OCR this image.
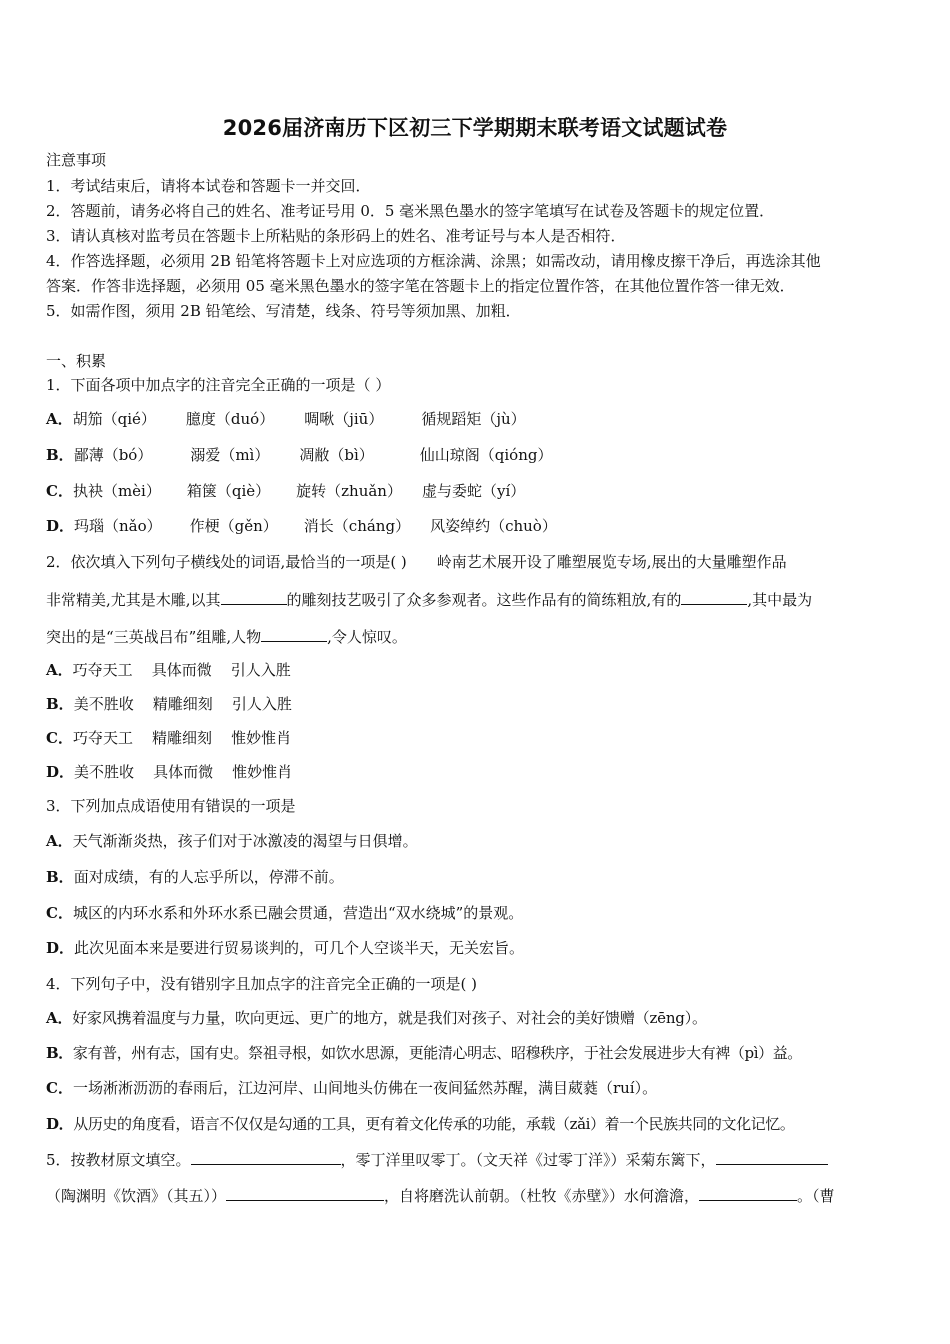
2026届济南历下区初三下学期期末联考语文试题试卷
注意事项
1．考试结束后，请将本试卷和答题卡一并交回．
2．答题前，请务必将自己的姓名、准考证号用 0．5 毫米黑色墨水的签字笔填写在试卷及答题卡的规定位置．
3．请认真核对监考员在答题卡上所粘贴的条形码上的姓名、准考证号与本人是否相符．
4．作答选择题，必须用 2B 铅笔将答题卡上对应选项的方框涂满、涂黑；如需改动，请用橡皮擦干净后，再选涂其他
答案．作答非选择题，必须用 05 毫米黑色墨水的签字笔在答题卡上的指定位置作答，在其他位置作答一律无效．
5．如需作图，须用 2B 铅笔绘、写清楚，线条、符号等须加黑、加粗．
一、积累
1．下面各项中加点字的注音完全正确的一项是（ ）
A．胡笳（qié） 臆度（duó） 啁啾（jiū）	循规蹈矩（jù）
B．鄙薄（bó）	溺爱（mì） 凋敝（bì）	仙山琼阁（qióng）
C．执袂（mèi） 箱箧（qiè） 旋转（zhuǎn） 虚与委蛇（yí）
D．玛瑙（nǎo） 作梗（gěn） 消长（cháng） 风姿绰约（chuò）
2．依次填入下列句子横线处的词语,最恰当的一项是( ) 岭南艺术展开设了雕塑展览专场,展出的大量雕塑作品
非常精美,尤其是木雕,以其	的雕刻技艺吸引了众多参观者。这些作品有的简练粗放,有的	,其中最为
突出的是“三英战吕布”组雕,人物	,令人惊叹。
A．巧夺天工    具体而微    引人入胜
B．美不胜收    精雕细刻    引人入胜
C．巧夺天工    精雕细刻    惟妙惟肖
D．美不胜收    具体而微    惟妙惟肖
3．下列加点成语使用有错误的一项是
A．天气渐渐炎热，孩子们对于冰激凌的渴望与日俱增。
B．面对成绩，有的人忘乎所以，停滞不前。
C．城区的内环水系和外环水系已融会贯通，营造出“双水绕城”的景观。
D．此次见面本来是要进行贸易谈判的，可几个人空谈半天，无关宏旨。
4．下列句子中，没有错别字且加点字的注音完全正确的一项是( )
A．好家风携着温度与力量，吹向更远、更广的地方，就是我们对孩子、对社会的美好馈赠（zēng）。
B．家有普，州有志，国有史。祭祖寻根，如饮水思源，更能清心明志、昭穆秩序，于社会发展进步大有裨（pì）益。
C．一场淅淅沥沥的春雨后，江边河岸、山间地头仿佛在一夜间猛然苏醒，满目葳蕤（ruí）。
D．从历史的角度看，语言不仅仅是勾通的工具，更有着文化传承的功能，承载（zǎi）着一个民族共同的文化记忆。
5．按教材原文填空。	，零丁洋里叹零丁。（文天祥《过零丁洋》）采菊东篱下，
（陶渊明《饮酒》（其五））	，自将磨洗认前朝。（杜牧《赤壁》）水何澹澹，	。（曹
